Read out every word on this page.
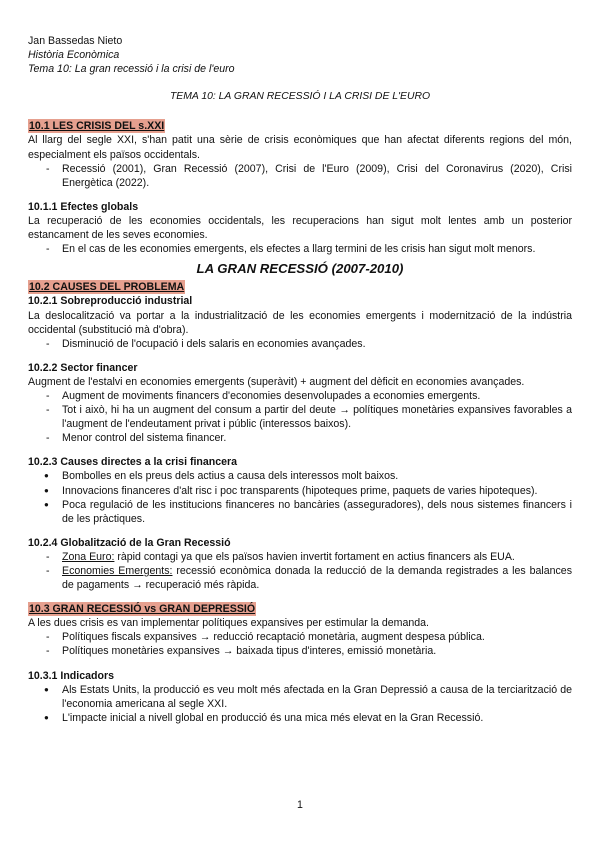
Jan Bassedas Nieto
Història Econòmica
Tema 10: La gran recessió i la crisi de l'euro
TEMA 10: LA GRAN RECESSIÓ I LA CRISI DE L'EURO
10.1 LES CRISIS DEL s.XXI
Al llarg del segle XXI, s'han patit una sèrie de crisis econòmiques que han afectat diferents regions del món, especialment els països occidentals.
- Recessió (2001), Gran Recessió (2007), Crisi de l'Euro (2009), Crisi del Coronavirus (2020), Crisi Energètica (2022).
10.1.1 Efectes globals
La recuperació de les economies occidentals, les recuperacions han sigut molt lentes amb un posterior estancament de les seves economies.
- En el cas de les economies emergents, els efectes a llarg termini de les crisis han sigut molt menors.
LA GRAN RECESSIÓ (2007-2010)
10.2 CAUSES DEL PROBLEMA
10.2.1 Sobreproducció industrial
La deslocalització va portar a la industrialització de les economies emergents i modernització de la indústria occidental (substitució mà d'obra).
- Disminució de l'ocupació i dels salaris en economies avançades.
10.2.2 Sector financer
Augment de l'estalvi en economies emergents (superàvit) + augment del dèficit en economies avançades.
- Augment de moviments financers d'economies desenvolupades a economies emergents.
- Tot i això, hi ha un augment del consum a partir del deute → polítiques monetàries expansives favorables a l'augment de l'endeutament privat i públic (interessos baixos).
- Menor control del sistema financer.
10.2.3 Causes directes a la crisi financera
● Bombolles en els preus dels actius a causa dels interessos molt baixos.
● Innovacions financeres d'alt risc i poc transparents (hipoteques prime, paquets de varies hipoteques).
● Poca regulació de les institucions financeres no bancàries (asseguradores), dels nous sistemes financers i de les pràctiques.
10.2.4 Globalització de la Gran Recessió
- Zona Euro: ràpid contagi ya que els països havien invertit fortament en actius financers als EUA.
- Economies Emergents: recessió econòmica donada la reducció de la demanda registrades a les balances de pagaments → recuperació més ràpida.
10.3 GRAN RECESSIÓ vs GRAN DEPRESSIÓ
A les dues crisis es van implementar polítiques expansives per estimular la demanda.
- Polítiques fiscals expansives → reducció recaptació monetària, augment despesa pública.
- Polítiques monetàries expansives → baixada tipus d'interes, emissió monetària.
10.3.1 Indicadors
● Als Estats Units, la producció es veu molt més afectada en la Gran Depressió a causa de la terciarització de l'economia americana al segle XXI.
● L'impacte inicial a nivell global en producció és una mica més elevat en la Gran Recessió.
1
